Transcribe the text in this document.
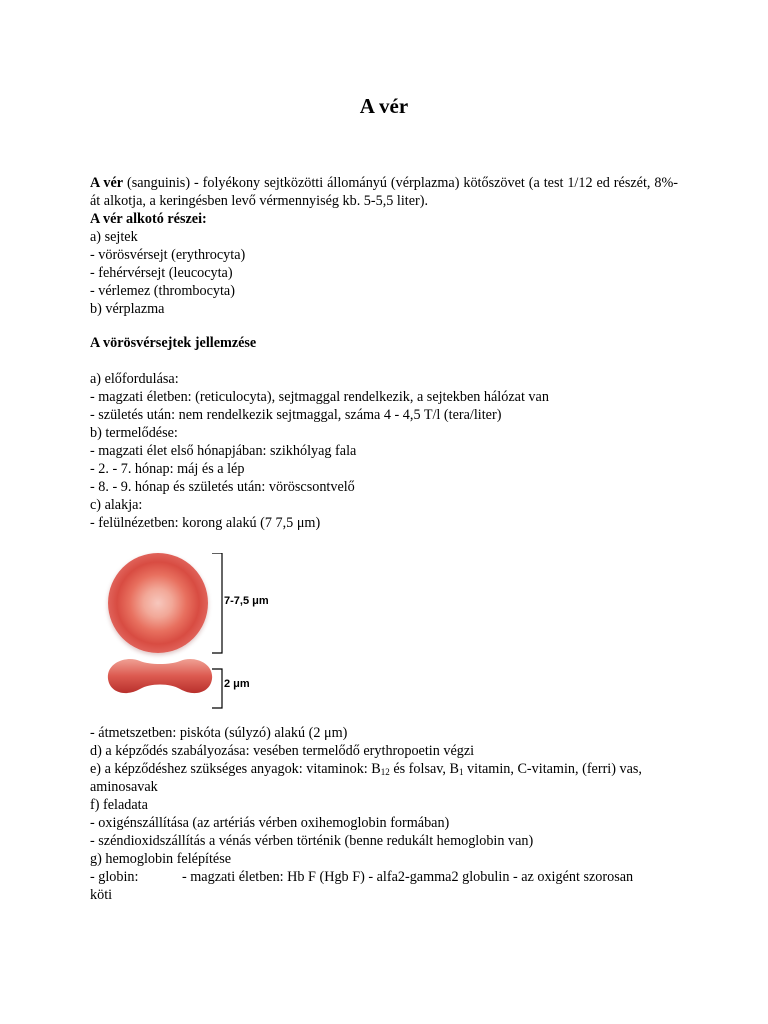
A vér
A vér (sanguinis) - folyékony sejtközötti állományú (vérplazma) kötőszövet (a test 1/12 ed részét, 8%-át alkotja, a keringésben levő vérmennyiség kb. 5-5,5 liter).
A vér alkotó részei:
a) sejtek
- vörösvérsejt (erythrocyta)
- fehérvérsejt (leucocyta)
- vérlemez (thrombocyta)
b) vérplazma
A vörösvérsejtek jellemzése
a) előfordulása:
- magzati életben: (reticulocyta), sejtmaggal rendelkezik, a sejtekben hálózat van
- születés után: nem rendelkezik sejtmaggal, száma 4 - 4,5 T/l (tera/liter)
b) termelődése:
- magzati élet első hónapjában: szikhólyag fala
- 2. - 7. hónap: máj és a lép
- 8. - 9. hónap és születés után: vöröscsontvelő
c) alakja:
- felülnézetben: korong alakú (7 7,5 μm)
7-7,5 μm
2 μm
- átmetszetben: piskóta (súlyzó) alakú (2 μm)
d) a képződés szabályozása: vesében termelődő erythropoetin végzi
e) a képződéshez szükséges anyagok: vitaminok: $B_{12}$ és folsav, $B_1$ vitamin, C-vitamin, (ferri) vas,
aminosavak
f) feladata
- oxigénszállítása (az artériás vérben oxihemoglobin formában)
- széndioxidszállítás a vénás vérben történik (benne redukált hemoglobin van)
g) hemoglobin felépítése
- globin:	- magzati életben: Hb F (Hgb F) - alfa2-gamma2 globulin - az oxigént szorosan
köti
